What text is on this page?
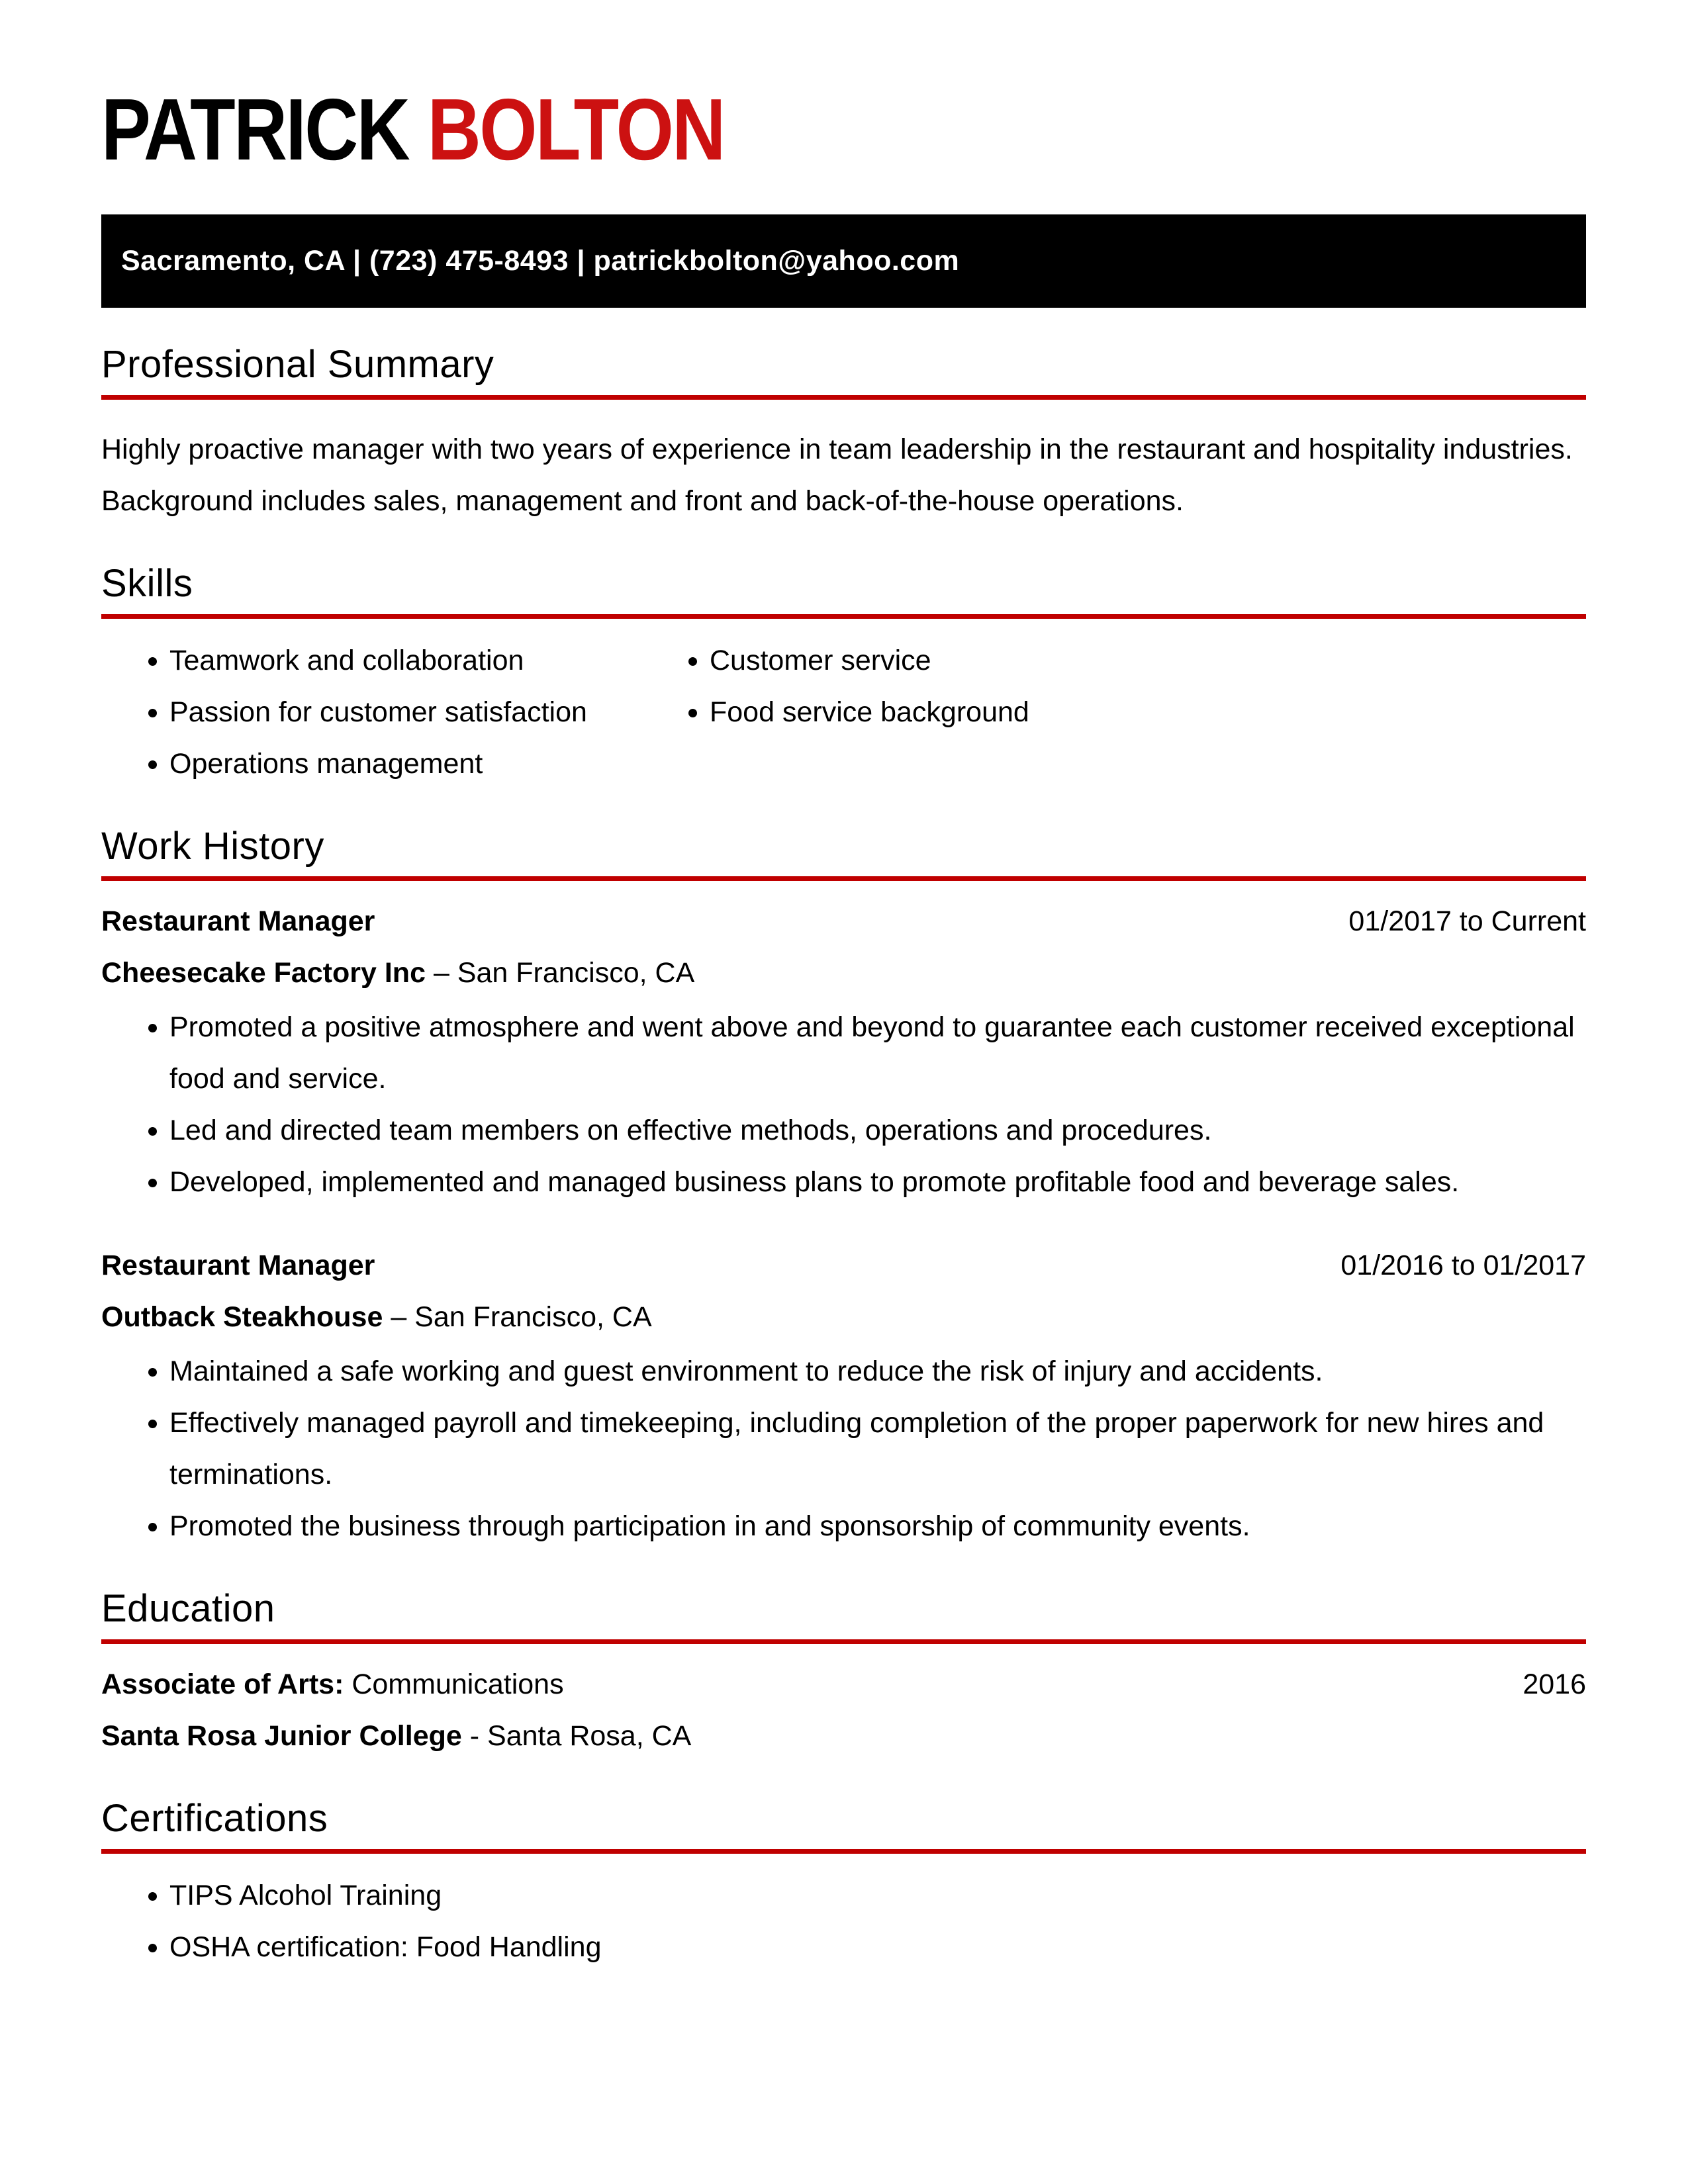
PATRICK BOLTON
Sacramento, CA | (723) 475-8493 | patrickbolton@yahoo.com
Professional Summary

Highly proactive manager with two years of experience in team leadership in the restaurant and hospitality industries. Background includes sales, management and front and back-of-the-house operations.

Skills
• Teamwork and collaboration
• Passion for customer satisfaction
• Operations management
• Customer service
• Food service background
Work History
Restaurant Manager	01/2017 to Current
Cheesecake Factory Inc – San Francisco, CA
• Promoted a positive atmosphere and went above and beyond to guarantee each customer received exceptional food and service.
• Led and directed team members on effective methods, operations and procedures.
• Developed, implemented and managed business plans to promote profitable food and beverage sales.
Restaurant Manager	01/2016 to 01/2017
Outback Steakhouse – San Francisco, CA
• Maintained a safe working and guest environment to reduce the risk of injury and accidents.
• Effectively managed payroll and timekeeping, including completion of the proper paperwork for new hires and terminations.
• Promoted the business through participation in and sponsorship of community events.
Education
Associate of Arts: Communications	2016
Santa Rosa Junior College - Santa Rosa, CA
Certifications
• TIPS Alcohol Training
• OSHA certification: Food Handling
